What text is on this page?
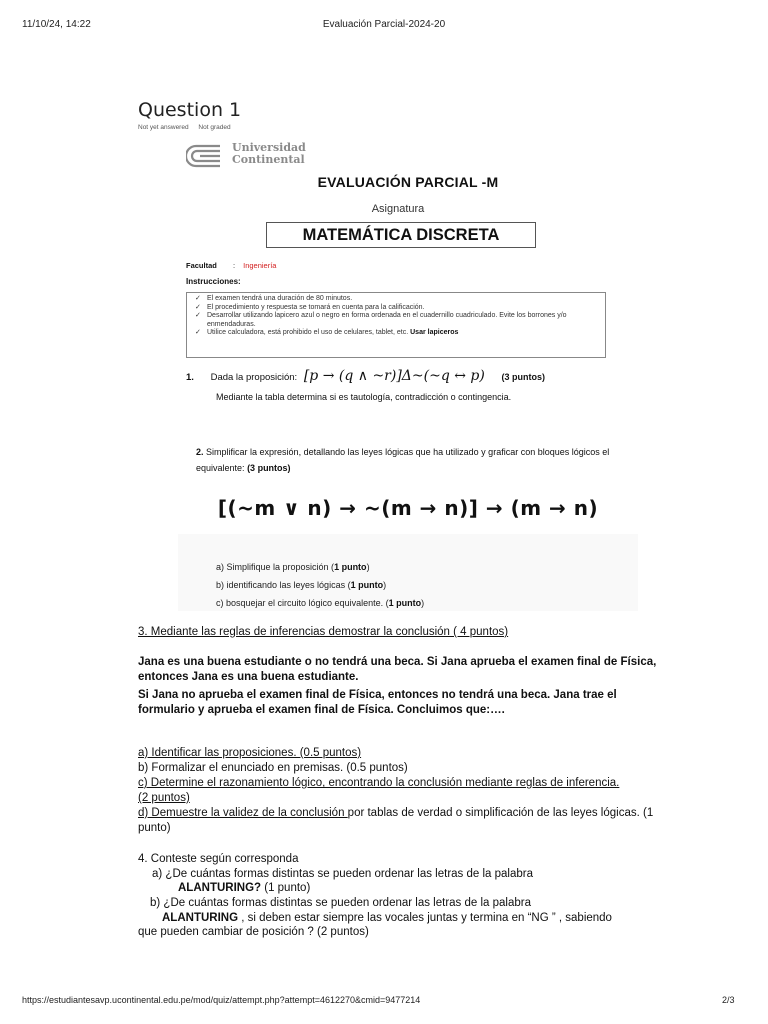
11/10/24, 14:22	Evaluación Parcial-2024-20
Question 1
Not yet answered Not graded
Universidad
Continental
EVALUACIÓN PARCIAL -M
Asignatura
MATEMÁTICA DISCRETA
Facultad : Ingeniería
Instrucciones:
✓ El examen tendrá una duración de 80 minutos.
✓ El procedimiento y respuesta se tomará en cuenta para la calificación.
✓ Desarrollar utilizando lapicero azul o negro en forma ordenada en el cuadernillo cuadriculado. Evite los borrones y/o enmendaduras.
✓ Utilice calculadora, está prohibido el uso de celulares, tablet, etc. Usar lapiceros
1. Dada la proposición: [p → (q ∧ ~r)]Δ~(~q ↔ p) (3 puntos)
Mediante la tabla determina si es tautología, contradicción o contingencia.
2. Simplificar la expresión, detallando las leyes lógicas que ha utilizado y graficar con bloques lógicos el equivalente: (3 puntos)
[(~m ∨ n) → ~(m → n)] → (m → n)
a) Simplifique la proposición (1 punto)
b) identificando las leyes lógicas (1 punto)
c) bosquejar el circuito lógico equivalente. (1 punto)
3. Mediante las reglas de inferencias demostrar la conclusión ( 4 puntos)
Jana es una buena estudiante o no tendrá una beca. Si Jana aprueba el examen final de Física, entonces Jana es una buena estudiante.
Si Jana no aprueba el examen final de Física, entonces no tendrá una beca. Jana trae el formulario y aprueba el examen final de Física. Concluimos que:….
a) Identificar las proposiciones. (0.5 puntos)
b) Formalizar el enunciado en premisas. (0.5 puntos)
c) Determine el razonamiento lógico, encontrando la conclusión mediante reglas de inferencia. (2 puntos)
d) Demuestre la validez de la conclusión por tablas de verdad o simplificación de las leyes lógicas. (1 punto)
4. Conteste según corresponda
a) ¿De cuántas formas distintas se pueden ordenar las letras de la palabra
ALANTURING? (1 punto)
b) ¿De cuántas formas distintas se pueden ordenar las letras de la palabra
ALANTURING , si deben estar siempre las vocales juntas y termina en “NG ” , sabiendo
que pueden cambiar de posición ? (2 puntos)
https://estudiantesavp.ucontinental.edu.pe/mod/quiz/attempt.php?attempt=4612270&cmid=9477214	2/3
